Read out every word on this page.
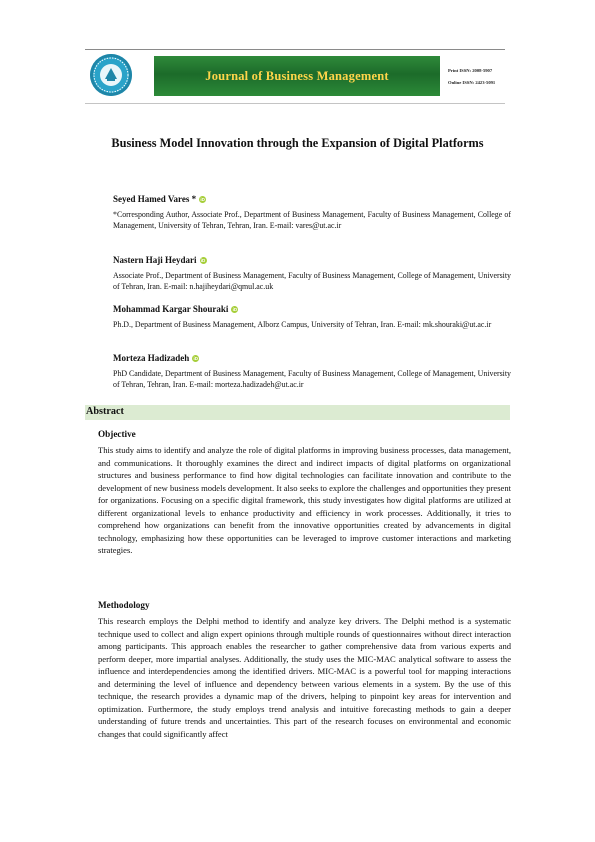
Journal of Business Management	Print ISSN: 2008-5907
Online ISSN: 2423-5091
Business Model Innovation through the Expansion of Digital Platforms
Seyed Hamed Vares * iD
*Corresponding Author, Associate Prof., Department of Business Management, Faculty of Business Management, College of Management, University of Tehran, Tehran, Iran. E-mail: vares@ut.ac.ir
Nastern Haji Heydari iD
Associate Prof., Department of Business Management, Faculty of Business Management, College of Management, University of Tehran, Iran. E-mail: n.hajiheydari@qmul.ac.uk
Mohammad Kargar Shouraki iD
Ph.D., Department of Business Management, Alborz Campus, University of Tehran, Iran. E-mail: mk.shouraki@ut.ac.ir
Morteza Hadizadeh iD
PhD Candidate, Department of Business Management, Faculty of Business Management, College of Management, University of Tehran, Tehran, Iran. E-mail: morteza.hadizadeh@ut.ac.ir
Abstract
Objective
This study aims to identify and analyze the role of digital platforms in improving business processes, data management, and communications. It thoroughly examines the direct and indirect impacts of digital platforms on organizational structures and business performance to find how digital technologies can facilitate innovation and contribute to the development of new business models development. It also seeks to explore the challenges and opportunities they present for organizations. Focusing on a specific digital framework, this study investigates how digital platforms are utilized at different organizational levels to enhance productivity and efficiency in work processes. Additionally, it tries to comprehend how organizations can benefit from the innovative opportunities created by advancements in digital technology, emphasizing how these opportunities can be leveraged to improve customer interactions and marketing strategies.
Methodology
This research employs the Delphi method to identify and analyze key drivers. The Delphi method is a systematic technique used to collect and align expert opinions through multiple rounds of questionnaires without direct interaction among participants. This approach enables the researcher to gather comprehensive data from various experts and perform deeper, more impartial analyses. Additionally, the study uses the MIC-MAC analytical software to assess the influence and interdependencies among the identified drivers. MIC-MAC is a powerful tool for mapping interactions and determining the level of influence and dependency between various elements in a system. By the use of this technique, the research provides a dynamic map of the drivers, helping to pinpoint key areas for intervention and optimization. Furthermore, the study employs trend analysis and intuitive forecasting methods to gain a deeper understanding of future trends and uncertainties. This part of the research focuses on environmental and economic changes that could significantly affect
